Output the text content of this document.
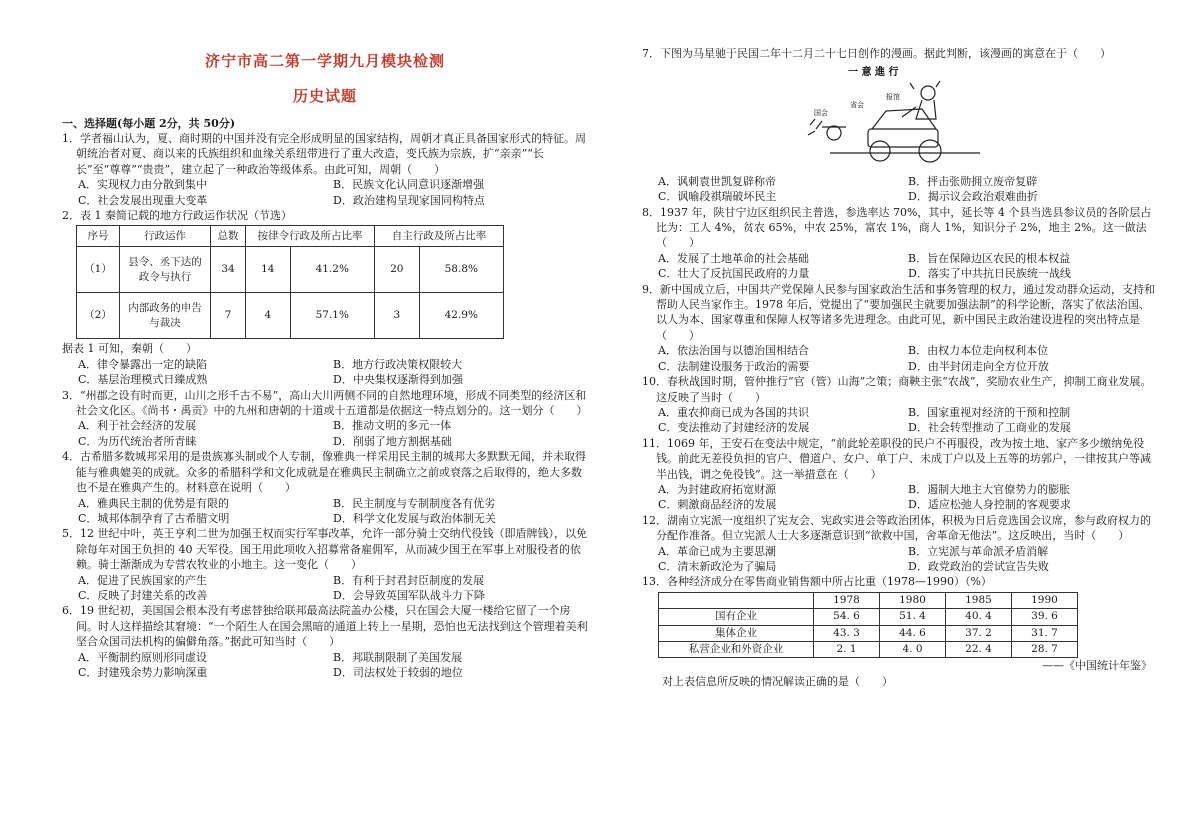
济宁市高二第一学期九月模块检测
历史试题
一、选择题(每小题 2分，共 50分)
1．学者福山认为，夏、商时期的中国并没有完全形成明显的国家结构，周朝才真正具备国家形式的特征。周朝统治者对夏、商以来的氏族组织和血缘关系纽带进行了重大改造，变氏族为宗族，扩“亲亲”“长长”至“尊尊”“贵贵”，建立起了一种政治等级体系。由此可知，周朝（　　）
A．实现权力由分散到集中	B．民族文化认同意识逐渐增强
C．社会发展出现重大变革	D．政治建构呈现家国同构特点
2．表 1 秦简记载的地方行政运作状况（节选）
序号	行政运作	总数	按律令行政及所占比率		自主行政及所占比率	
（1）	县令、丞下达的政令与执行	34	14	41.2%	20	58.8%
（2）	内部政务的申告与裁决	7	4	57.1%	3	42.9%
据表 1 可知，秦朝（　　）
A．律令暴露出一定的缺陷	B．地方行政决策权限较大
C．基层治理模式日臻成熟	D．中央集权逐渐得到加强
3．“州郡之设有时而更，山川之形千古不易”，高山大川两侧不同的自然地理环境，形成不同类型的经济区和社会文化区。《尚书・禹贡》中的九州和唐朝的十道或十五道都是依据这一特点划分的。这一划分（　　）
A．利于社会经济的发展	B．推动文明的多元一体
C．为历代统治者所青睐	D．削弱了地方割据基础
4．古希腊多数城邦采用的是贵族寡头制或个人专制，像雅典一样采用民主制的城邦大多默默无闻，并未取得能与雅典媲美的成就。众多的希腊科学和文化成就是在雅典民主制确立之前或衰落之后取得的，绝大多数也不是在雅典产生的。材料意在说明（　　）
A．雅典民主制的优势是有限的	B．民主制度与专制制度各有优劣
C．城邦体制孕育了古希腊文明	D．科学文化发展与政治体制无关
5．12 世纪中叶，英王亨利二世为加强王权而实行军事改革，允许一部分骑士交纳代役钱（即盾牌钱），以免除每年对国王负担的 40 天军役。国王用此项收入招募常备雇佣军，从而减少国王在军事上对服役者的依赖。骑士渐渐成为专营农牧业的小地主。这一变化（　　）
A．促进了民族国家的产生	B．有利于封君封臣制度的发展
C．反映了封建关系的改善	D．会导致英国军队战斗力下降
6．19 世纪初，美国国会根本没有考虑替独给联邦最高法院盖办公楼，只在国会大厦一楼给它留了一个房间。时人这样描绘其窘境：“一个陌生人在国会黑暗的通道上转上一星期，恐怕也无法找到这个管理着美利坚合众国司法机构的偏僻角落。”据此可知当时（　　）
A．平衡制约原则形同虚设	B．邦联制限制了美国发展
C．封建残余势力影响深重	D．司法权处于较弱的地位
7．下图为马星驰于民国二年十二月二十七日创作的漫画。据此判断，该漫画的寓意在于（　　）
一 意 進 行
国会
省会
报馆
A．讽刺袁世凯复辟称帝	B．抨击张勋拥立废帝复辟
C．讽喻段祺瑞破坏民主	D．揭示议会政治艰难曲折
8．1937 年，陕甘宁边区组织民主普选，参选率达 70%，其中，延长等 4 个县当选县参议员的各阶层占比为：工人 4%，贫农 65%，中农 25%，富农 1%，商人 1%，知识分子 2%，地主 2%。这一做法（　　）
A．发展了土地革命的社会基础	B．旨在保障边区农民的根本权益
C．壮大了反抗国民政府的力量	D．落实了中共抗日民族统一战线
9．新中国成立后，中国共产党保障人民参与国家政治生活和事务管理的权力，通过发动群众运动，支持和帮助人民当家作主。1978 年后，党提出了“要加强民主就要加强法制”的科学论断，落实了依法治国、以人为本、国家尊重和保障人权等诸多先进理念。由此可见，新中国民主政治建设进程的突出特点是（　　）
A．依法治国与以德治国相结合	B．由权力本位走向权利本位
C．法制建设服务于政治的需要	D．由半封闭走向全方位开放
10．春秋战国时期，管仲推行“官（管）山海”之策；商鞅主张“农战”，奖励农业生产，抑制工商业发展。这反映了当时（　　）
A．重农抑商已成为各国的共识	B．国家重视对经济的干预和控制
C．变法推动了封建经济的发展	D．社会转型推动了工商业的发展
11．1069 年，王安石在变法中规定，“前此轮差职役的民户不再服役，改为按土地、家产多少缴纳免役钱。前此无差役负担的官户、僧道户、女户、单丁户、未成丁户以及上五等的坊郭户，一律按其户等减半出钱，谓之免役钱”。这一举措意在（　　）
A．为封建政府拓宽财源	B．遏制大地主大官僚势力的膨胀
C．刺激商品经济的发展	D．适应松弛人身控制的客观要求
12．湖南立宪派一度组织了宪友会、宪政实进会等政治团体，积极为日后竞选国会议席，参与政府权力的分配作准备。但立宪派人士大多逐渐意识到“欲救中国，舍革命无他法”。这反映出，当时（　　）
A．革命已成为主要思潮	B．立宪派与革命派矛盾消解
C．清末新政沦为了骗局	D．政党政治的尝试宣告失败
13．各种经济成分在零售商业销售额中所占比重（1978—1990）（%）
	1978	1980	1985	1990
国有企业	54. 6	51. 4	40. 4	39. 6
集体企业	43. 3	44. 6	37. 2	31. 7
私营企业和外资企业	2. 1	4. 0	22. 4	28. 7
——《中国统计年鉴》
对上表信息所反映的情况解读正确的是（　　）
